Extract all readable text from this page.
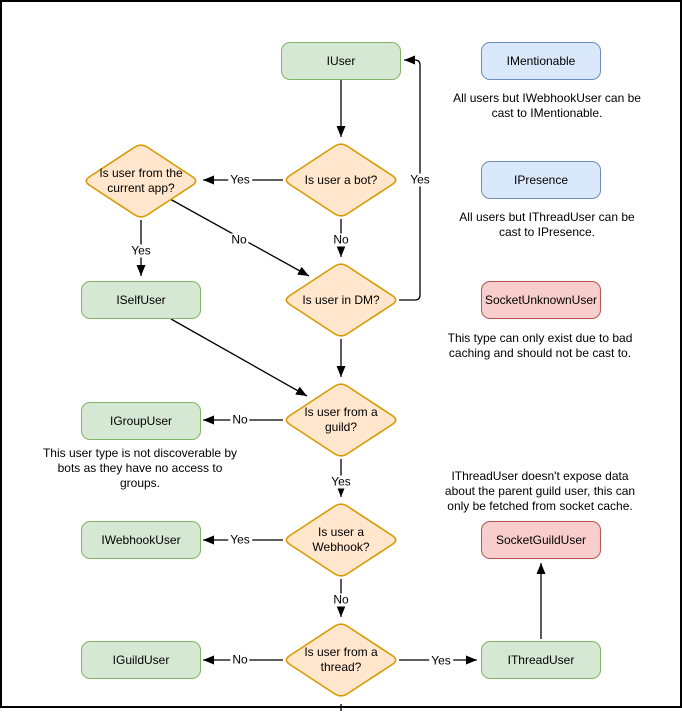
IUser	IMentionable
IPresence
SocketUnknownUser
ISelfUser
IGroupUser
IWebhookUser	SocketGuildUser
IGuildUser	IThreadUser
Is user a bot?
Is user from the
current app?
Is user in DM?
Is user from a
guild?
Is user a
Webhook?
Is user from a
thread?
Yes
No
No
Yes
Yes
No
Yes
Yes
No
No	Yes
All users but IWebhookUser can be
cast to IMentionable.
All users but IThreadUser can be
cast to IPresence.
This type can only exist due to bad
caching and should not be cast to.
This user type is not discoverable by
bots as they have no access to
groups.	IThreadUser doesn't expose data
about the parent guild user, this can
only be fetched from socket cache.
